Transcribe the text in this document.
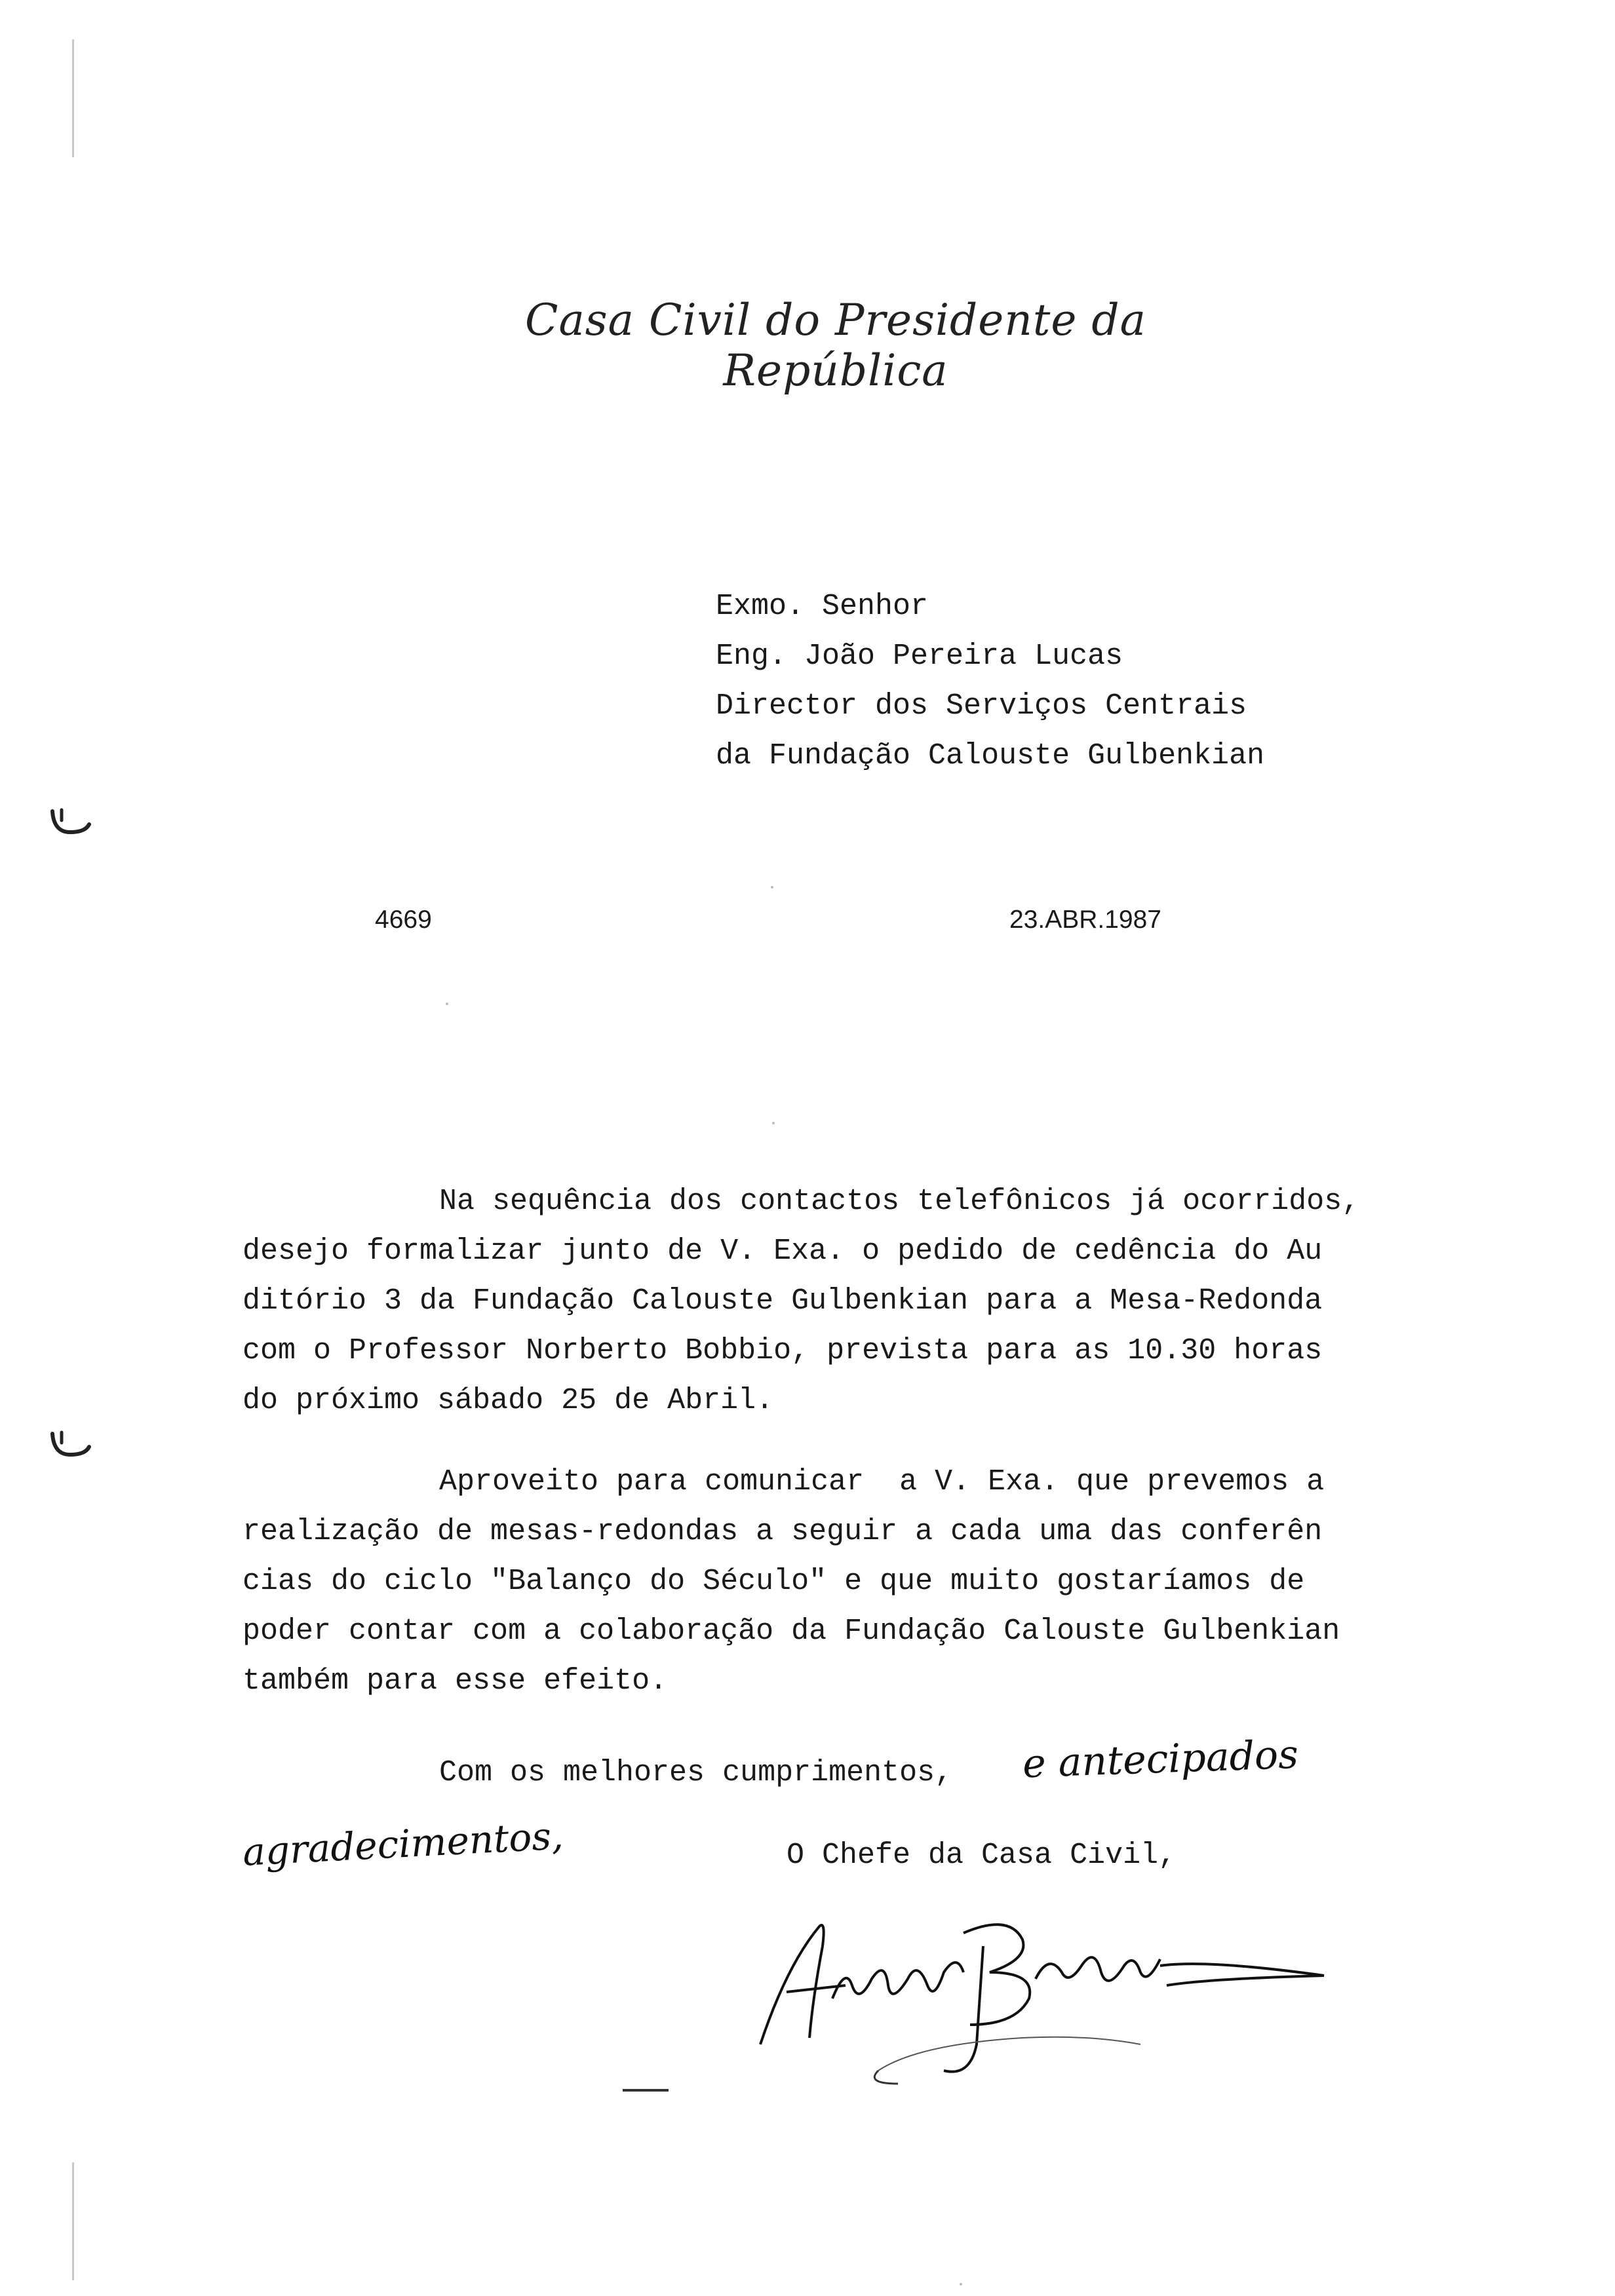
Casa Civil do Presidente da República
Exmo. Senhor
Eng. João Pereira Lucas
Director dos Serviços Centrais
da Fundação Calouste Gulbenkian
4669	23.ABR.1987
Na sequência dos contactos telefônicos já ocorridos,
desejo formalizar junto de V. Exa. o pedido de cedência do Au
ditório 3 da Fundação Calouste Gulbenkian para a Mesa-Redonda
com o Professor Norberto Bobbio, prevista para as 10.30 horas
do próximo sábado 25 de Abril.
Aproveito para comunicar  a V. Exa. que prevemos a
realização de mesas-redondas a seguir a cada uma das conferên
cias do ciclo "Balanço do Século" e que muito gostaríamos de
poder contar com a colaboração da Fundação Calouste Gulbenkian
também para esse efeito.
Com os melhores cumprimentos, e antecipados
agradecimentos,	O Chefe da Casa Civil,
